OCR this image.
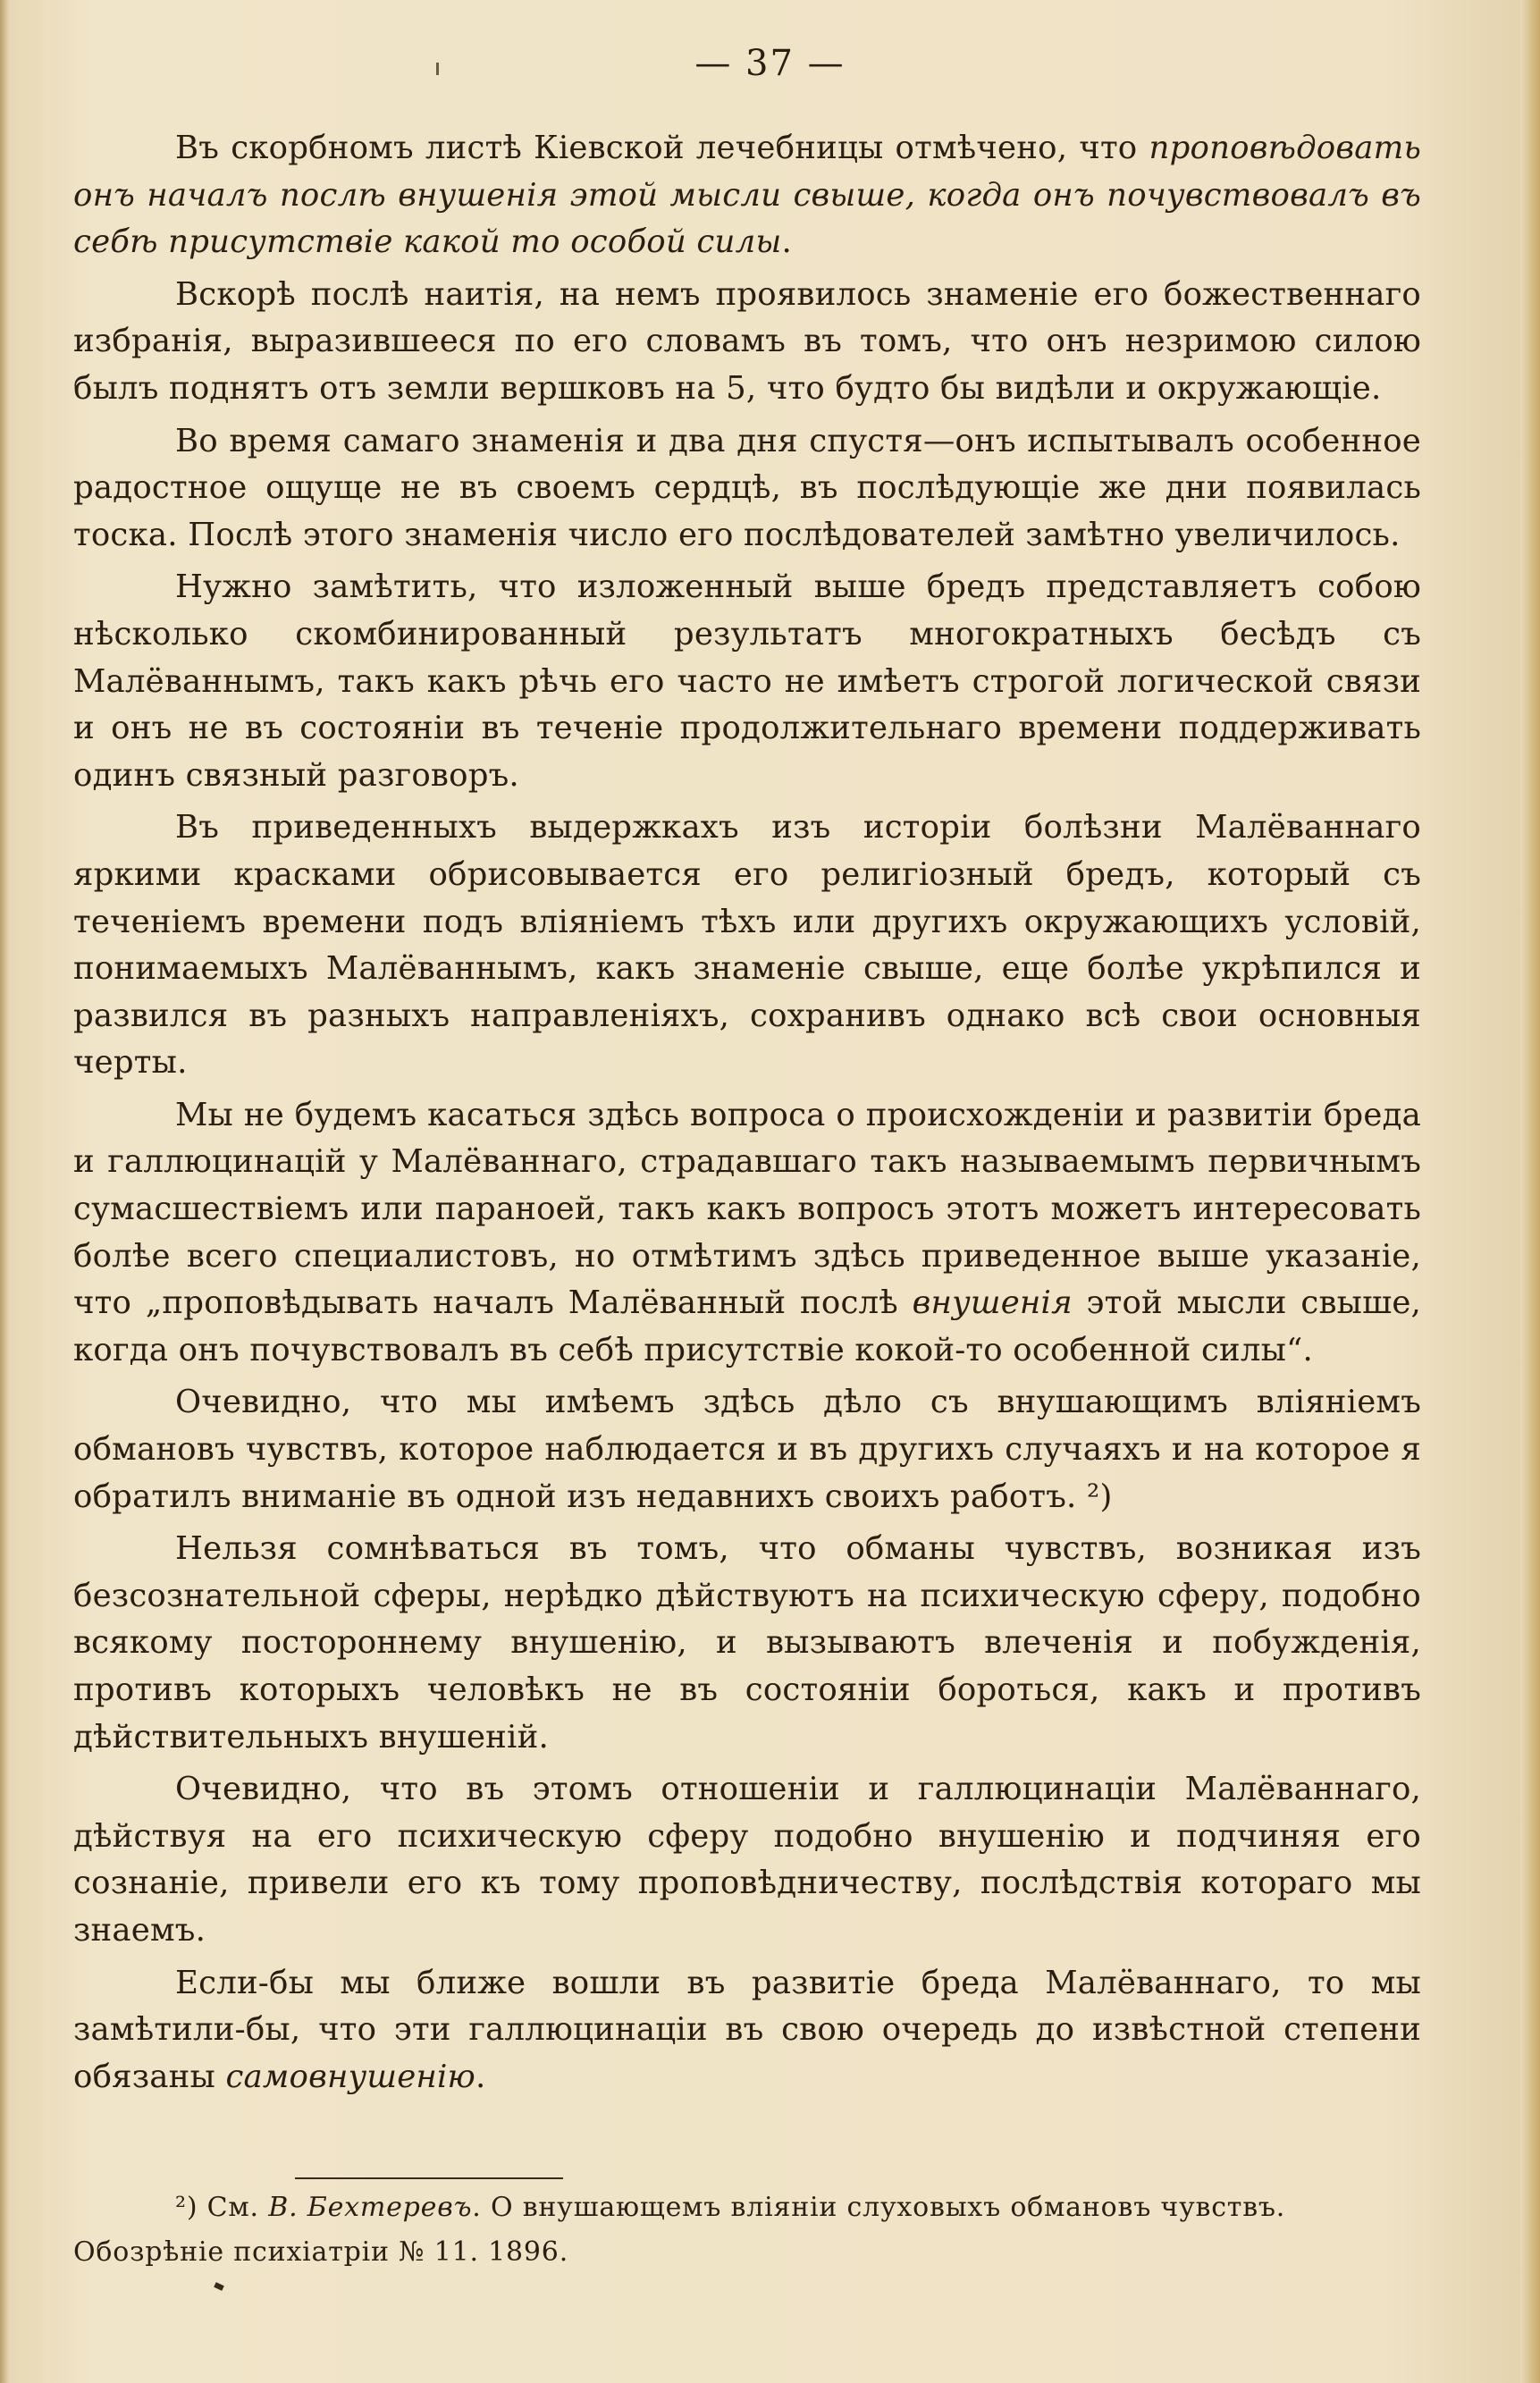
— 37 —

Въ скорбномъ листѣ Кіевской лечебницы отмѣчено, что проповѣдовать онъ началъ послѣ внушенія этой мысли свыше, когда онъ почувствовалъ въ себѣ присутствіе какой то особой силы.

Вскорѣ послѣ наитія, на немъ проявилось знаменіе его божественнаго избранія, выразившееся по его словамъ въ томъ, что онъ незримою силою былъ поднятъ отъ земли вершковъ на 5, что будто бы видѣли и окружающіе.

Во время самаго знаменія и два дня спустя—онъ испытывалъ особенное радостное ощуще не въ своемъ сердцѣ, въ послѣдующіе же дни появилась тоска. Послѣ этого знаменія число его послѣдователей замѣтно увеличилось.

Нужно замѣтить, что изложенный выше бредъ представляетъ собою нѣсколько скомбинированный результатъ многократныхъ бесѣдъ съ Малёваннымъ, такъ какъ рѣчь его часто не имѣетъ строгой логической связи и онъ не въ состояніи въ теченіе продолжительнаго времени поддерживать одинъ связный разговоръ.

Въ приведенныхъ выдержкахъ изъ исторіи болѣзни Малёваннаго яркими красками обрисовывается его религіозный бредъ, который съ теченіемъ времени подъ вліяніемъ тѣхъ или другихъ окружающихъ условій, понимаемыхъ Малёваннымъ, какъ знаменіе свыше, еще болѣе укрѣпился и развился въ разныхъ направленіяхъ, сохранивъ однако всѣ свои основныя черты.

Мы не будемъ касаться здѣсь вопроса о происхожденіи и развитіи бреда и галлюцинацій у Малёваннаго, страдавшаго такъ называемымъ первичнымъ сумасшествіемъ или параноей, такъ какъ вопросъ этотъ можетъ интересовать болѣе всего специалистовъ, но отмѣтимъ здѣсь приведенное выше указаніе, что „проповѣдывать началъ Малёванный послѣ внушенія этой мысли свыше, когда онъ почувствовалъ въ себѣ присутствіе кокой-то особенной силы“.

Очевидно, что мы имѣемъ здѣсь дѣло съ внушающимъ вліяніемъ обмановъ чувствъ, которое наблюдается и въ другихъ случаяхъ и на которое я обратилъ вниманіе въ одной изъ недавнихъ своихъ работъ. ²)

Нельзя сомнѣваться въ томъ, что обманы чувствъ, возникая изъ безсознательной сферы, нерѣдко дѣйствуютъ на психическую сферу, подобно всякому постороннему внушенію, и вызываютъ влеченія и побужденія, противъ которыхъ человѣкъ не въ состояніи бороться, какъ и противъ дѣйствительныхъ внушеній.

Очевидно, что въ этомъ отношеніи и галлюцинаціи Малёваннаго, дѣйствуя на его психическую сферу подобно внушенію и подчиняя его сознаніе, привели его къ тому проповѣдничеству, послѣдствія котораго мы знаемъ.

Если-бы мы ближе вошли въ развитіе бреда Малёваннаго, то мы замѣтили-бы, что эти галлюцинаціи въ свою очередь до извѣстной степени обязаны самовнушенію.

²) См. В. Бехтеревъ. О внушающемъ вліяніи слуховыхъ обмановъ чувствъ. Обозрѣніе психіатріи № 11. 1896.
